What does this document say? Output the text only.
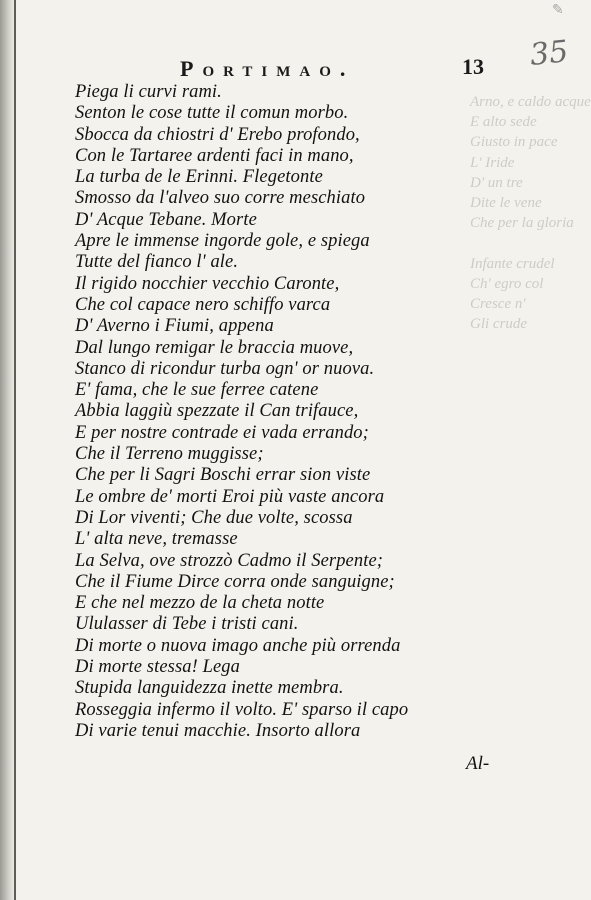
✎
Arno, e caldo acque
E alto sede
Giusto in pace
L' Iride
D' un tre
Dite le vene
Che per la gloria

Infante crudel
Ch' egro col
Cresce n'
Gli crude
Portimao.	13 35
Piega li curvi rami.
Senton le cose tutte il comun morbo.
Sbocca da chiostri d' Erebo profondo,
Con le Tartaree ardenti faci in mano,
La turba de le Erinni. Flegetonte
Smosso da l'alveo suo corre meschiato
D' Acque Tebane. Morte
Apre le immense ingorde gole, e spiega
Tutte del fianco l' ale.
Il rigido nocchier vecchio Caronte,
Che col capace nero schiffo varca
D' Averno i Fiumi, appena
Dal lungo remigar le braccia muove,
Stanco di ricondur turba ogn' or nuova.
E' fama, che le sue ferree catene
Abbia laggiù spezzate il Can trifauce,
E per nostre contrade ei vada errando;
Che il Terreno muggisse;
Che per li Sagri Boschi errar sion viste
Le ombre de' morti Eroi più vaste ancora
Di Lor viventi; Che due volte, scossa
L' alta neve, tremasse
La Selva, ove strozzò Cadmo il Serpente;
Che il Fiume Dirce corra onde sanguigne;
E che nel mezzo de la cheta notte
Ululasser di Tebe i tristi cani.
Di morte o nuova imago anche più orrenda
Di morte stessa! Lega
Stupida languidezza inette membra.
Rosseggia infermo il volto. E' sparso il capo
Di varie tenui macchie. Insorto allora
Al-
